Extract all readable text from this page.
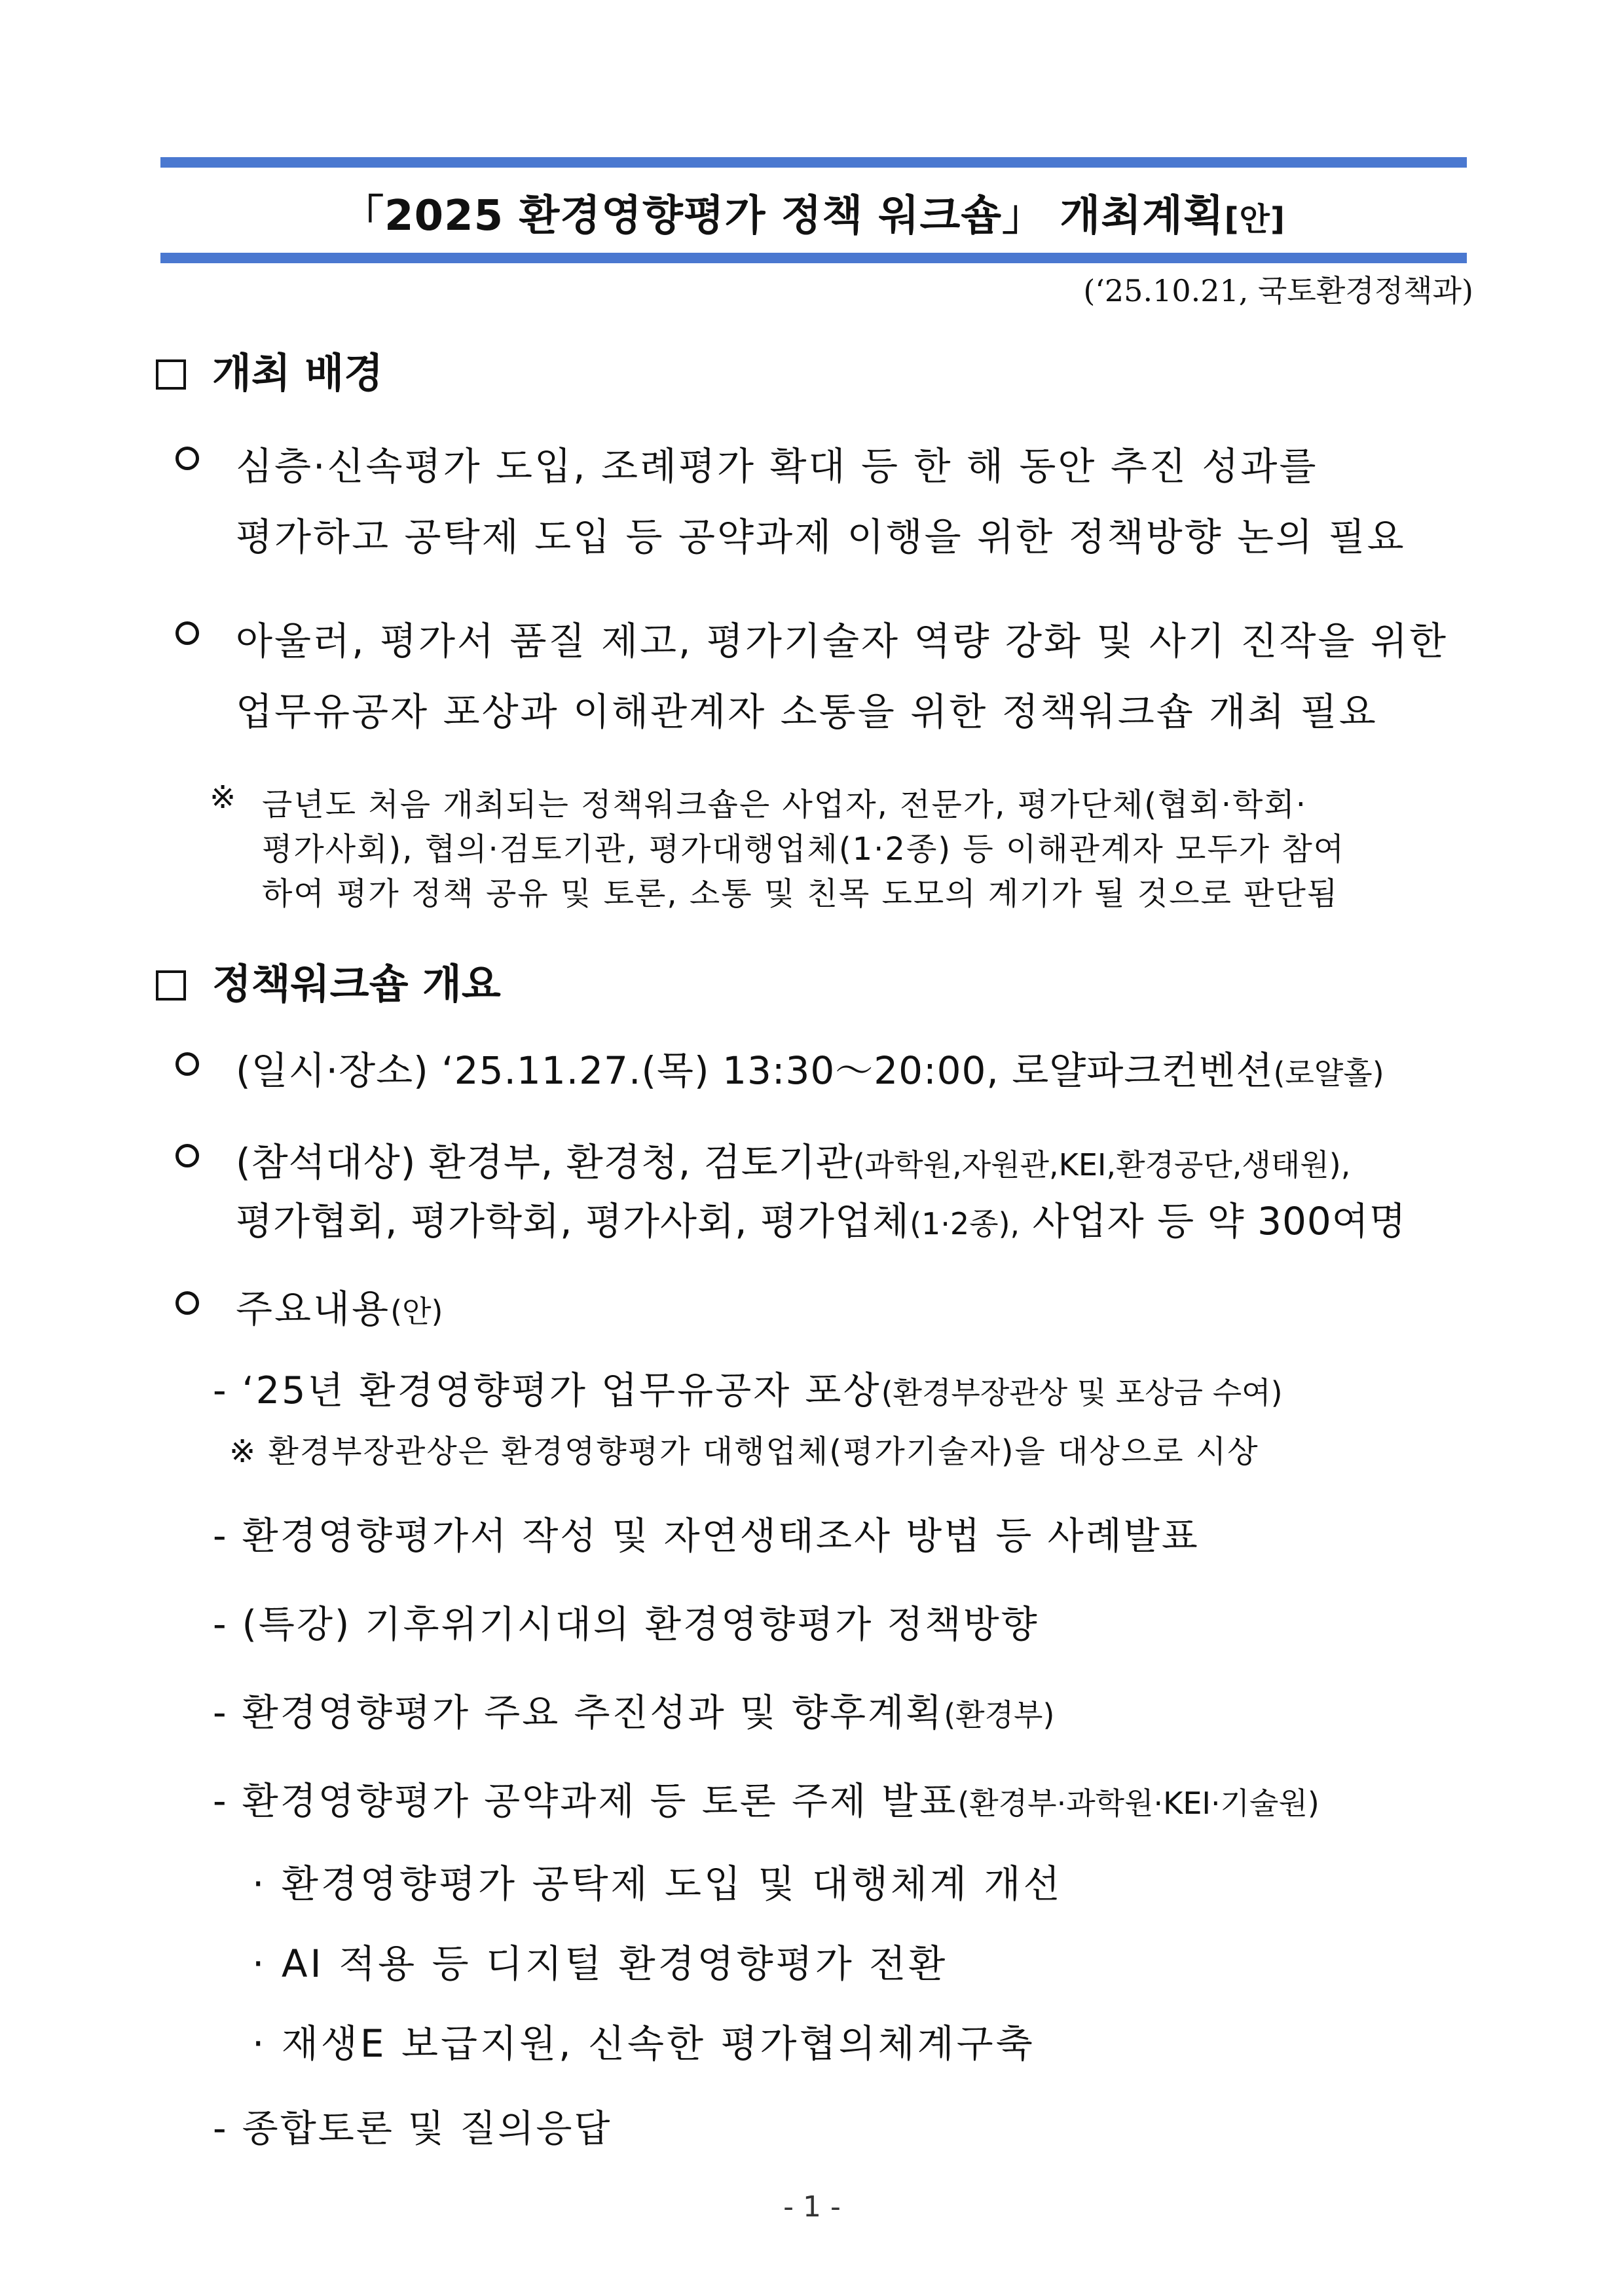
「2025 환경영향평가 정책 워크숍」 개최계획[안]
(‘25.10.21, 국토환경정책과)
개최 배경
심층·신속평가 도입, 조례평가 확대 등 한 해 동안 추진 성과를
평가하고 공탁제 도입 등 공약과제 이행을 위한 정책방향 논의 필요
아울러, 평가서 품질 제고, 평가기술자 역량 강화 및 사기 진작을 위한
업무유공자 포상과 이해관계자 소통을 위한 정책워크숍 개최 필요
※ 금년도 처음 개최되는 정책워크숍은 사업자, 전문가, 평가단체(협회·학회·
평가사회), 협의·검토기관, 평가대행업체(1·2종) 등 이해관계자 모두가 참여
하여 평가 정책 공유 및 토론, 소통 및 친목 도모의 계기가 될 것으로 판단됨
정책워크숍 개요
(일시·장소) ‘25.11.27.(목) 13:30～20:00, 로얄파크컨벤션(로얄홀)
(참석대상) 환경부, 환경청, 검토기관(과학원,자원관,KEI,환경공단,생태원),
평가협회, 평가학회, 평가사회, 평가업체(1·2종), 사업자 등 약 300여명
주요내용(안)
- ‘25년 환경영향평가 업무유공자 포상(환경부장관상 및 포상금 수여)
※ 환경부장관상은 환경영향평가 대행업체(평가기술자)을 대상으로 시상
- 환경영향평가서 작성 및 자연생태조사 방법 등 사례발표
- (특강) 기후위기시대의 환경영향평가 정책방향
- 환경영향평가 주요 추진성과 및 향후계획(환경부)
- 환경영향평가 공약과제 등 토론 주제 발표(환경부·과학원·KEI·기술원)
· 환경영향평가 공탁제 도입 및 대행체계 개선
· AI 적용 등 디지털 환경영향평가 전환
· 재생E 보급지원, 신속한 평가협의체계구축
- 종합토론 및 질의응답
- 1 -
